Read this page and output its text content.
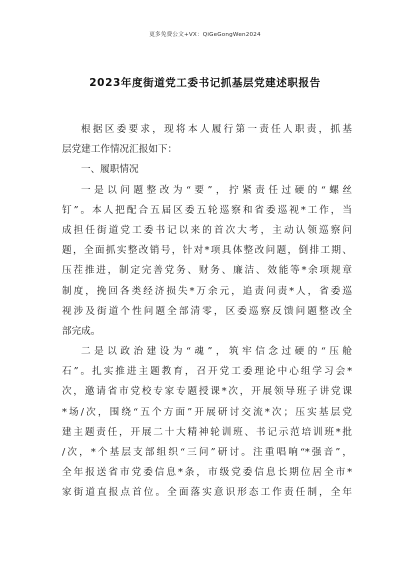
更多免费公文+VX：QiGeGongWen2024
2023年度街道党工委书记抓基层党建述职报告
根据区委要求，现将本人履行第一责任人职责，抓基
层党建工作情况汇报如下：
一、履职情况
一是以问题整改为“要”，拧紧责任过硬的“螺丝
钉”。本人把配合五届区委五轮巡察和省委巡视*工作，当
成担任街道党工委书记以来的首次大考，主动认领巡察问
题，全面抓实整改销号，针对*项具体整改问题，倒排工期、
压茬推进，制定完善党务、财务、廉洁、效能等*余项规章
制度，挽回各类经济损失*万余元，追责问责*人，省委巡
视涉及街道个性问题全部清零，区委巡察反馈问题整改全
部完成。
二是以政治建设为“魂”，筑牢信念过硬的“压舱
石”。扎实推进主题教育，召开党工委理论中心组学习会*
次，邀请省市党校专家专题授课*次，开展领导班子讲党课
*场/次，围绕“五个方面”开展研讨交流*次；压实基层党
建主题责任，开展二十大精神轮训班、书记示范培训班*批
/次，*个基层支部组织“三问”研讨。注重唱响“*强音”，
全年报送省市党委信息*条，市级党委信息长期位居全市*
家街道直报点首位。全面落实意识形态工作责任制，全年
